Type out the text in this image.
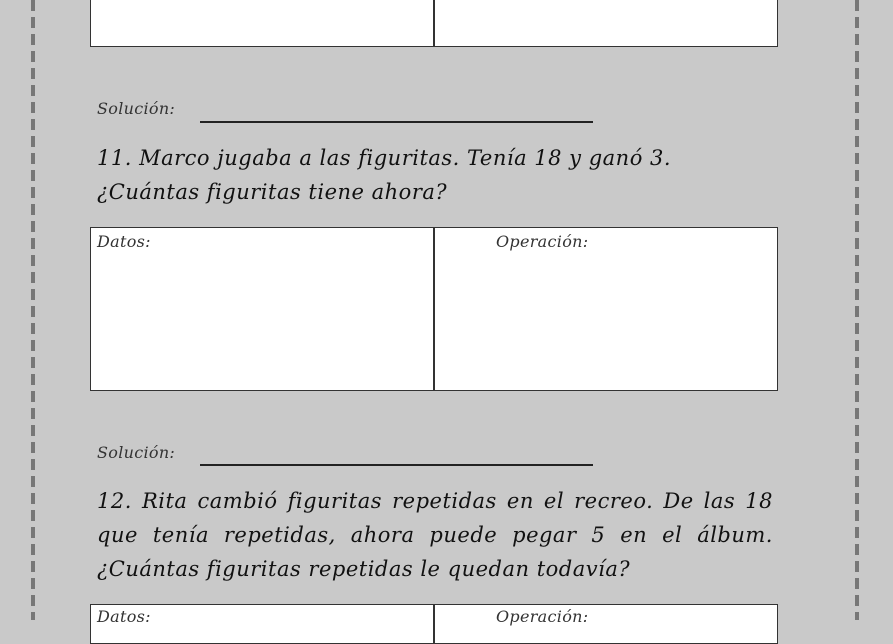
Solución:
11. Marco jugaba a las figuritas. Tenía 18 y ganó 3.
¿Cuántas figuritas tiene ahora?
Datos:	Operación:
Solución:
12. Rita cambió figuritas repetidas en el recreo. De las 18
que tenía repetidas, ahora puede pegar 5 en el álbum.
¿Cuántas figuritas repetidas le quedan todavía?
Datos:	Operación:
